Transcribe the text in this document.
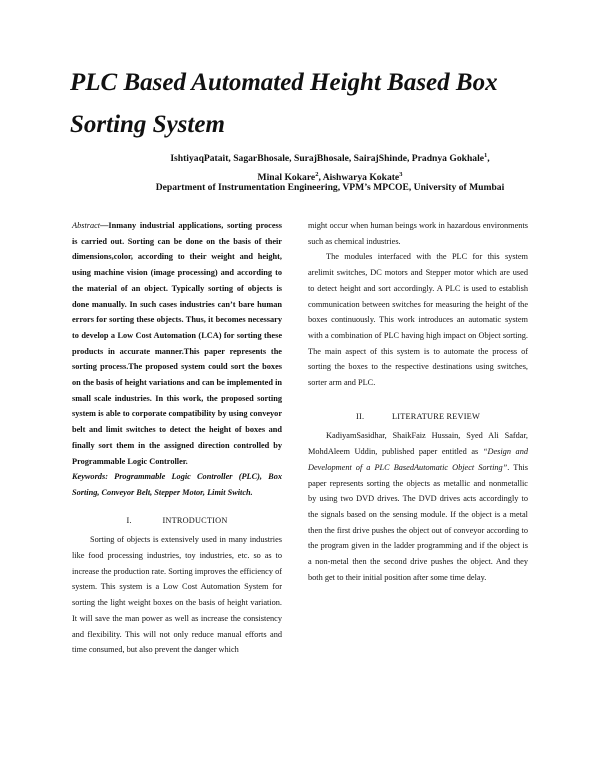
PLC Based Automated Height Based Box Sorting System
IshtiyaqPatait, SagarBhosale, SurajBhosale, SairajShinde, Pradnya Gokhale$^1$,
Minal Kokare$^2$, Aishwarya Kokate$^3$
Department of Instrumentation Engineering, VPM’s MPCOE, University of Mumbai

Abstract—Inmany industrial applications, sorting process is carried out. Sorting can be done on the basis of their dimensions,color, according to their weight and height, using machine vision (image processing) and according to the material of an object. Typically sorting of objects is done manually. In such cases industries can’t bare human errors for sorting these objects. Thus, it becomes necessary to develop a Low Cost Automation (LCA) for sorting these products in accurate manner.This paper represents the sorting process.The proposed system could sort the boxes on the basis of height variations and can be implemented in small scale industries. In this work, the proposed sorting system is able to corporate compatibility by using conveyor belt and limit switches to detect the height of boxes and finally sort them in the assigned direction controlled by Programmable Logic Controller.

Keywords: Programmable Logic Controller (PLC), Box Sorting, Conveyor Belt, Stepper Motor, Limit Switch.

I.	INTRODUCTION

Sorting of objects is extensively used in many industries like food processing industries, toy industries, etc. so as to increase the production rate. Sorting improves the efficiency of system. This system is a Low Cost Automation System for sorting the light weight boxes on the basis of height variation. It will save the man power as well as increase the consistency and flexibility. This will not only reduce manual efforts and time consumed, but also prevent the danger which

might occur when human beings work in hazardous environments such as chemical industries.

The modules interfaced with the PLC for this system arelimit switches, DC motors and Stepper motor which are used to detect height and sort accordingly. A PLC is used to establish communication between switches for measuring the height of the boxes continuously. This work introduces an automatic system with a combination of PLC having high impact on Object sorting. The main aspect of this system is to automate the process of sorting the boxes to the respective destinations using switches, sorter arm and PLC.

II.	LITERATURE REVIEW

KadiyamSasidhar, ShaikFaiz Hussain, Syed Ali Safdar, MohdAleem Uddin, published paper entitled as “Design and Development of a PLC BasedAutomatic Object Sorting”. This paper represents sorting the objects as metallic and nonmetallic by using two DVD drives. The DVD drives acts accordingly to the signals based on the sensing module. If the object is a metal then the first drive pushes the object out of conveyor according to the program given in the ladder programming and if the object is a non-metal then the second drive pushes the object. And they both get to their initial position after some time delay.
